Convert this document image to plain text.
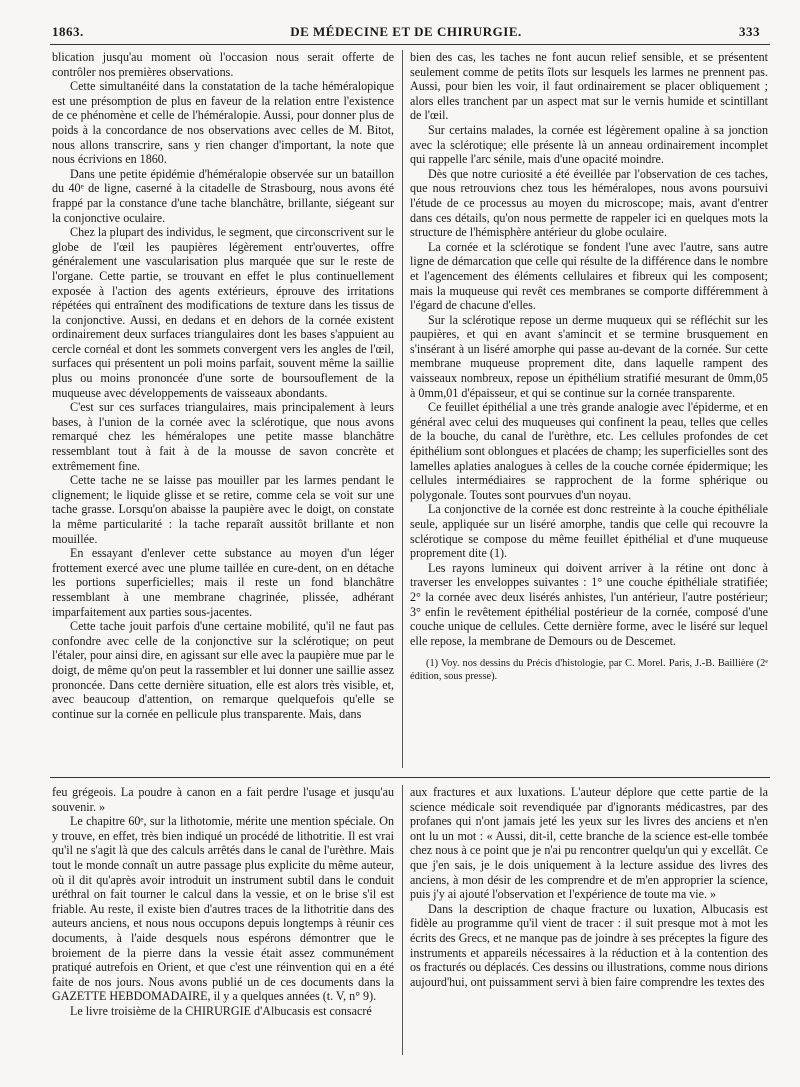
1863.	DE MÉDECINE ET DE CHIRURGIE.	333

blication jusqu'au moment où l'occasion nous serait offerte de contrôler nos premières observations.

Cette simultanéité dans la constatation de la tache héméralopique est une présomption de plus en faveur de la relation entre l'existence de ce phénomène et celle de l'héméralopie. Aussi, pour donner plus de poids à la concordance de nos observations avec celles de M. Bitot, nous allons transcrire, sans y rien changer d'important, la note que nous écrivions en 1860.

Dans une petite épidémie d'héméralopie observée sur un bataillon du 40ᵉ de ligne, caserné à la citadelle de Strasbourg, nous avons été frappé par la constance d'une tache blanchâtre, brillante, siégeant sur la conjonctive oculaire.

Chez la plupart des individus, le segment, que circonscrivent sur le globe de l'œil les paupières légèrement entr'ouvertes, offre généralement une vascularisation plus marquée que sur le reste de l'organe. Cette partie, se trouvant en effet le plus continuellement exposée à l'action des agents extérieurs, éprouve des irritations répétées qui entraînent des modifications de texture dans les tissus de la conjonctive. Aussi, en dedans et en dehors de la cornée existent ordinairement deux surfaces triangulaires dont les bases s'appuient au cercle cornéal et dont les sommets convergent vers les angles de l'œil, surfaces qui présentent un poli moins parfait, souvent même la saillie plus ou moins prononcée d'une sorte de boursouflement de la muqueuse avec développements de vaisseaux abondants.

C'est sur ces surfaces triangulaires, mais principalement à leurs bases, à l'union de la cornée avec la sclérotique, que nous avons remarqué chez les héméralopes une petite masse blanchâtre ressemblant tout à fait à de la mousse de savon concrète et extrêmement fine.

Cette tache ne se laisse pas mouiller par les larmes pendant le clignement; le liquide glisse et se retire, comme cela se voit sur une tache grasse. Lorsqu'on abaisse la paupière avec le doigt, on constate la même particularité : la tache reparaît aussitôt brillante et non mouillée.

En essayant d'enlever cette substance au moyen d'un léger frottement exercé avec une plume taillée en cure-dent, on en détache les portions superficielles; mais il reste un fond blanchâtre ressemblant à une membrane chagrinée, plissée, adhérant imparfaitement aux parties sous-jacentes.

Cette tache jouit parfois d'une certaine mobilité, qu'il ne faut pas confondre avec celle de la conjonctive sur la sclérotique; on peut l'étaler, pour ainsi dire, en agissant sur elle avec la paupière mue par le doigt, de même qu'on peut la rassembler et lui donner une saillie assez prononcée. Dans cette dernière situation, elle est alors très visible, et, avec beaucoup d'attention, on remarque quelquefois qu'elle se continue sur la cornée en pellicule plus transparente. Mais, dans

bien des cas, les taches ne font aucun relief sensible, et se présentent seulement comme de petits îlots sur lesquels les larmes ne prennent pas. Aussi, pour bien les voir, il faut ordinairement se placer obliquement ; alors elles tranchent par un aspect mat sur le vernis humide et scintillant de l'œil.

Sur certains malades, la cornée est légèrement opaline à sa jonction avec la sclérotique; elle présente là un anneau ordinairement incomplet qui rappelle l'arc sénile, mais d'une opacité moindre.

Dès que notre curiosité a été éveillée par l'observation de ces taches, que nous retrouvions chez tous les héméralopes, nous avons poursuivi l'étude de ce processus au moyen du microscope; mais, avant d'entrer dans ces détails, qu'on nous permette de rappeler ici en quelques mots la structure de l'hémisphère antérieur du globe oculaire.

La cornée et la sclérotique se fondent l'une avec l'autre, sans autre ligne de démarcation que celle qui résulte de la différence dans le nombre et l'agencement des éléments cellulaires et fibreux qui les composent; mais la muqueuse qui revêt ces membranes se comporte différemment à l'égard de chacune d'elles.

Sur la sclérotique repose un derme muqueux qui se réfléchit sur les paupières, et qui en avant s'amincit et se termine brusquement en s'insérant à un liséré amorphe qui passe au-devant de la cornée. Sur cette membrane muqueuse proprement dite, dans laquelle rampent des vaisseaux nombreux, repose un épithélium stratifié mesurant de 0mm,05 à 0mm,01 d'épaisseur, et qui se continue sur la cornée transparente.

Ce feuillet épithélial a une très grande analogie avec l'épiderme, et en général avec celui des muqueuses qui confinent la peau, telles que celles de la bouche, du canal de l'urèthre, etc. Les cellules profondes de cet épithélium sont oblongues et placées de champ; les superficielles sont des lamelles aplaties analogues à celles de la couche cornée épidermique; les cellules intermédiaires se rapprochent de la forme sphérique ou polygonale. Toutes sont pourvues d'un noyau.

La conjonctive de la cornée est donc restreinte à la couche épithéliale seule, appliquée sur un liséré amorphe, tandis que celle qui recouvre la sclérotique se compose du même feuillet épithélial et d'une muqueuse proprement dite (1).

Les rayons lumineux qui doivent arriver à la rétine ont donc à traverser les enveloppes suivantes : 1° une couche épithéliale stratifiée; 2° la cornée avec deux lisérés anhistes, l'un antérieur, l'autre postérieur; 3° enfin le revêtement épithélial postérieur de la cornée, composé d'une couche unique de cellules. Cette dernière forme, avec le liséré sur lequel elle repose, la membrane de Demours ou de Descemet.

(1) Voy. nos dessins du Précis d'histologie, par C. Morel. Paris, J.-B. Baillière (2ᵉ édition, sous presse).

feu grégeois. La poudre à canon en a fait perdre l'usage et jusqu'au souvenir. »

Le chapitre 60ᵉ, sur la lithotomie, mérite une mention spéciale. On y trouve, en effet, très bien indiqué un procédé de lithotritie. Il est vrai qu'il ne s'agit là que des calculs arrêtés dans le canal de l'urèthre. Mais tout le monde connaît un autre passage plus explicite du même auteur, où il dit qu'après avoir introduit un instrument subtil dans le conduit uréthral on fait tourner le calcul dans la vessie, et on le brise s'il est friable. Au reste, il existe bien d'autres traces de la lithotritie dans des auteurs anciens, et nous nous occupons depuis longtemps à réunir ces documents, à l'aide desquels nous espérons démontrer que le broiement de la pierre dans la vessie était assez communément pratiqué autrefois en Orient, et que c'est une réinvention qui en a été faite de nos jours. Nous avons publié un de ces documents dans la GAZETTE HEBDOMADAIRE, il y a quelques années (t. V, n° 9).

Le livre troisième de la CHIRURGIE d'Albucasis est consacré

aux fractures et aux luxations. L'auteur déplore que cette partie de la science médicale soit revendiquée par d'ignorants médicastres, par des profanes qui n'ont jamais jeté les yeux sur les livres des anciens et n'en ont lu un mot : « Aussi, dit-il, cette branche de la science est-elle tombée chez nous à ce point que je n'ai pu rencontrer quelqu'un qui y excellât. Ce que j'en sais, je le dois uniquement à la lecture assidue des livres des anciens, à mon désir de les comprendre et de m'en approprier la science, puis j'y ai ajouté l'observation et l'expérience de toute ma vie. »

Dans la description de chaque fracture ou luxation, Albucasis est fidèle au programme qu'il vient de tracer : il suit presque mot à mot les écrits des Grecs, et ne manque pas de joindre à ses préceptes la figure des instruments et appareils nécessaires à la réduction et à la contention des os fracturés ou déplacés. Ces dessins ou illustrations, comme nous dirions aujourd'hui, ont puissamment servi à bien faire comprendre les textes des
